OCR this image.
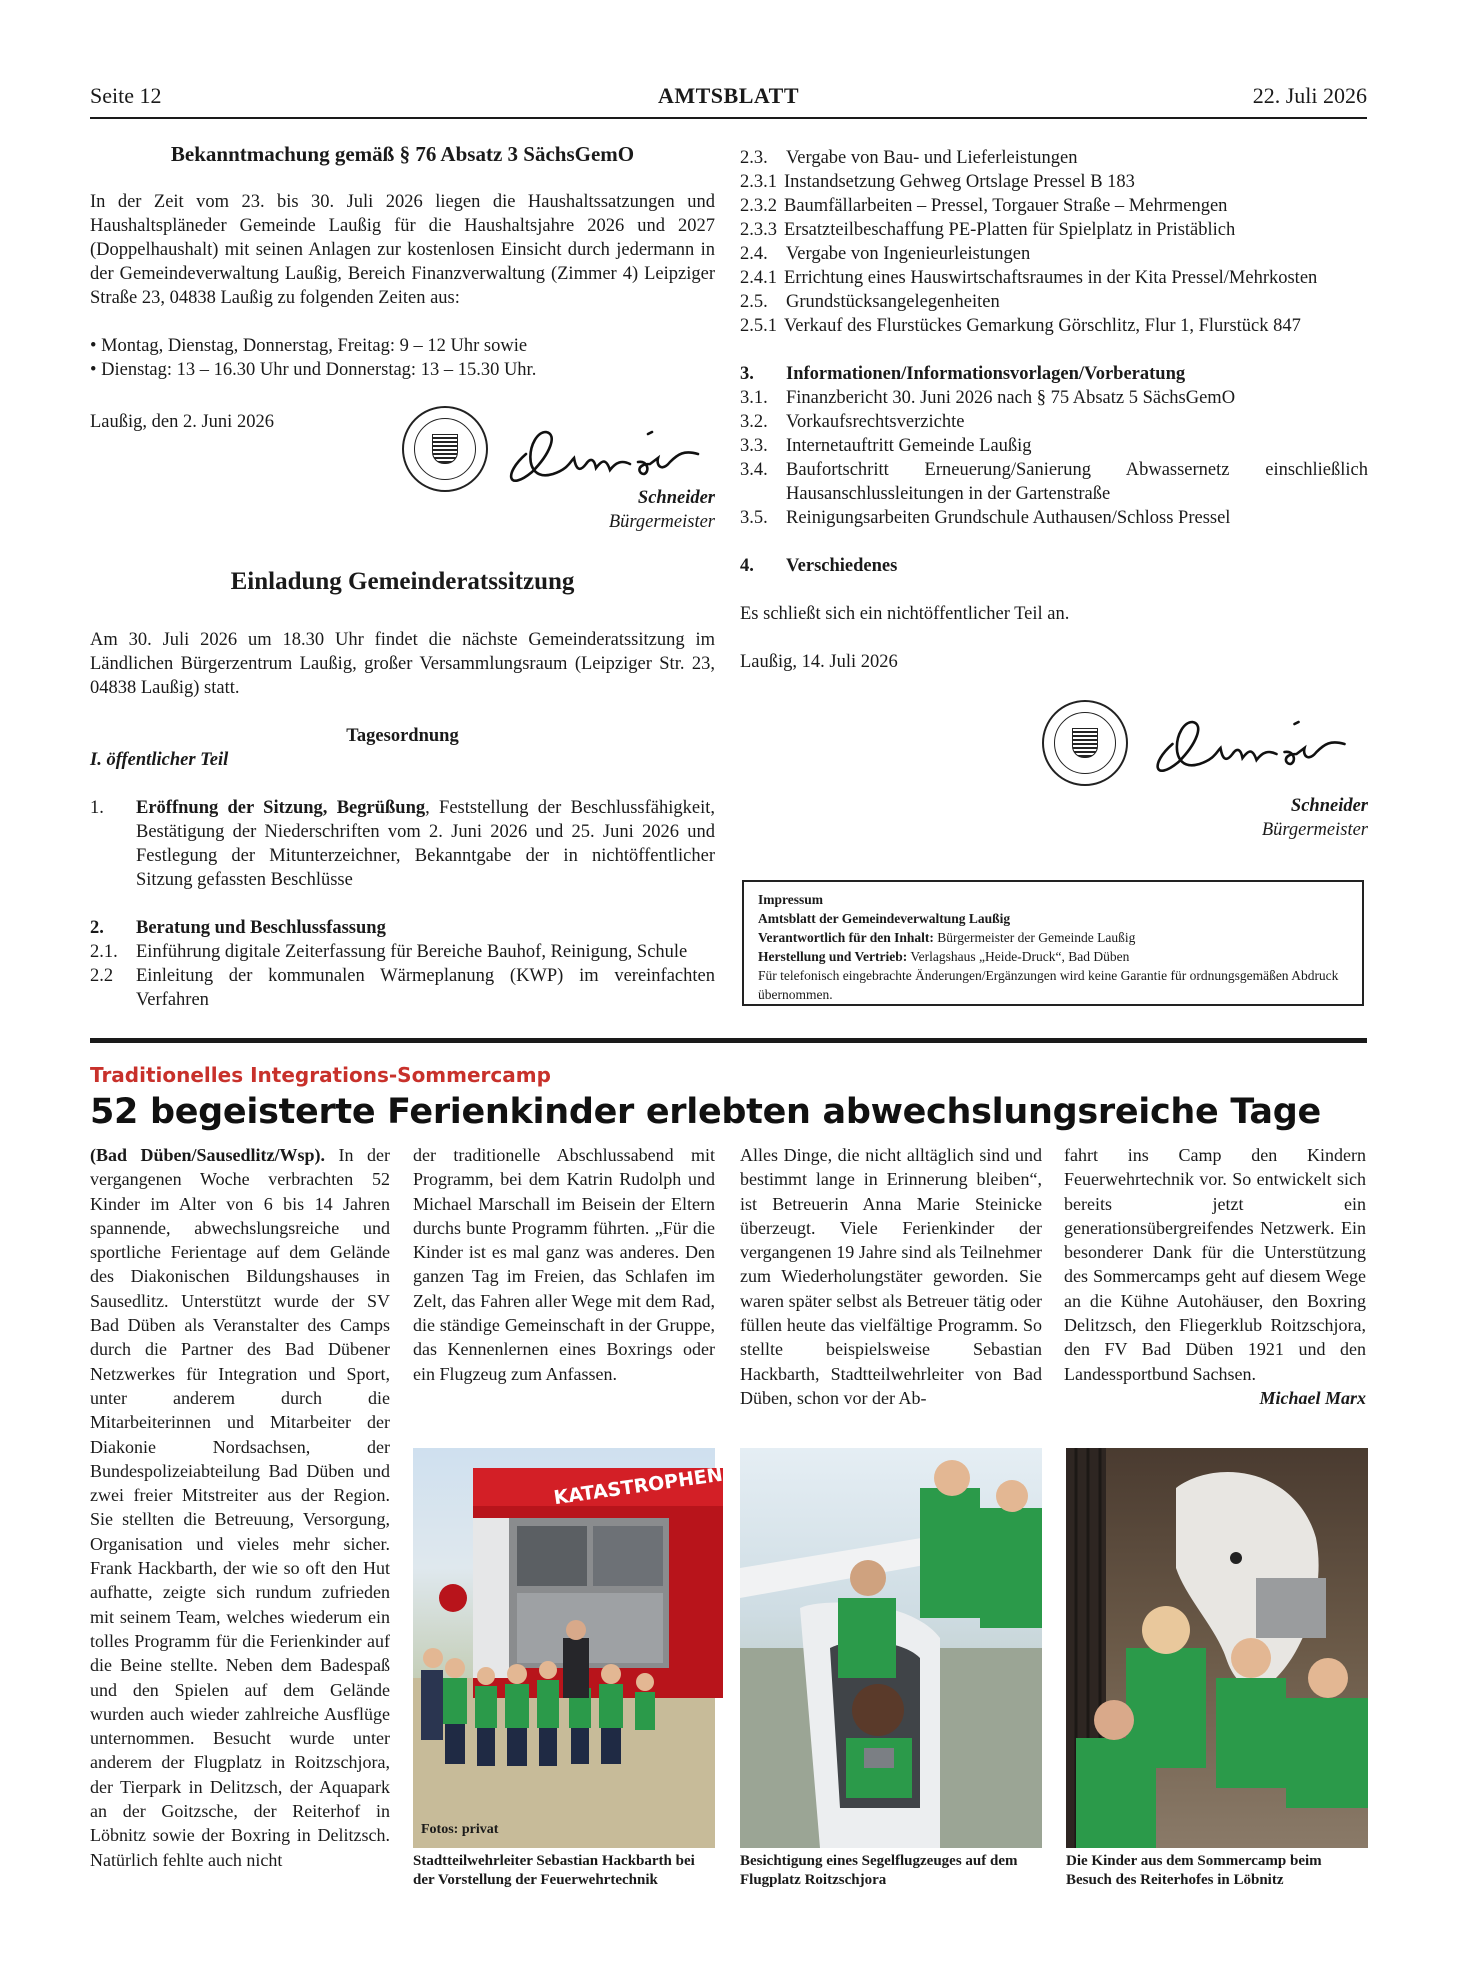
Seite 12	AMTSBLATT	22. Juli 2026

Bekanntmachung gemäß § 76 Absatz 3 SächsGemO

In der Zeit vom 23. bis 30. Juli 2026 liegen die Haushaltssatzungen und Haushaltspläneder Gemeinde Laußig für die Haushaltsjahre 2026 und 2027 (Doppelhaushalt) mit seinen Anlagen zur kostenlosen Einsicht durch jedermann in der Gemeindeverwaltung Laußig, Bereich Finanzverwaltung (Zimmer 4) Leipziger Straße 23, 04838 Laußig zu folgenden Zeiten aus:

• Montag, Dienstag, Donnerstag, Freitag: 9 – 12 Uhr sowie

• Dienstag: 13 – 16.30 Uhr und Donnerstag: 13 – 15.30 Uhr.

Laußig, den 2. Juni 2026

Schneider

Bürgermeister

Einladung Gemeinderatssitzung

Am 30. Juli 2026 um 18.30 Uhr findet die nächste Gemeinderatssitzung im Ländlichen Bürgerzentrum Laußig, großer Versammlungsraum (Leipziger Str. 23, 04838 Laußig) statt.

Tagesordnung

I. öffentlicher Teil

1.	Eröffnung der Sitzung, Begrüßung, Feststellung der Beschlussfähigkeit, Bestätigung der Niederschriften vom 2. Juni 2026 und 25. Juni 2026 und Festlegung der Mitunterzeichner, Bekanntgabe der in nichtöffentlicher Sitzung gefassten Beschlüsse
2.	Beratung und Beschlussfassung
2.1. Einführung digitale Zeiterfassung für Bereiche Bauhof, Reinigung, Schule
2.2	Einleitung der kommunalen Wärmeplanung (KWP) im vereinfachten Verfahren
2.3. Vergabe von Bau- und Lieferleistungen
2.3.1 Instandsetzung Gehweg Ortslage Pressel B 183
2.3.2 Baumfällarbeiten – Pressel, Torgauer Straße – Mehrmengen
2.3.3 Ersatzteilbeschaffung PE-Platten für Spielplatz in Pristäblich
2.4. Vergabe von Ingenieurleistungen
2.4.1 Errichtung eines Hauswirtschaftsraumes in der Kita Pressel/Mehrkosten
2.5. Grundstücksangelegenheiten
2.5.1 Verkauf des Flurstückes Gemarkung Görschlitz, Flur 1, Flurstück 847
3.	Informationen/Informationsvorlagen/Vorberatung
3.1. Finanzbericht 30. Juni 2026 nach § 75 Absatz 5 SächsGemO
3.2. Vorkaufsrechtsverzichte
3.3. Internetauftritt Gemeinde Laußig
3.4. Baufortschritt Erneuerung/Sanierung Abwassernetz einschließlich Hausanschlussleitungen in der Gartenstraße
3.5. Reinigungsarbeiten Grundschule Authausen/Schloss Pressel
4.	Verschiedenes

Es schließt sich ein nichtöffentlicher Teil an.

Laußig, 14. Juli 2026

Schneider

Bürgermeister

Impressum
Amtsblatt der Gemeindeverwaltung Laußig
Verantwortlich für den Inhalt: Bürgermeister der Gemeinde Laußig
Herstellung und Vertrieb: Verlagshaus „Heide-Druck“, Bad Düben
Für telefonisch eingebrachte Änderungen/Ergänzungen wird keine Garantie für ordnungsgemäßen Abdruck übernommen.
Traditionelles Integrations-Sommercamp
52 begeisterte Ferienkinder erlebten abwechslungsreiche Tage

(Bad Düben/Sausedlitz/Wsp). In der vergangenen Woche verbrachten 52 Kinder im Alter von 6 bis 14 Jahren spannende, abwechslungsreiche und sportliche Ferientage auf dem Gelände des Diakonischen Bildungshauses in Sausedlitz. Unterstützt wurde der SV Bad Düben als Veranstalter des Camps durch die Partner des Bad Dübener Netzwerkes für Integration und Sport, unter anderem durch die Mitarbeiterinnen und Mitarbeiter der Diakonie Nordsachsen, der Bundespolizeiabteilung Bad Düben und zwei freier Mitstreiter aus der Region. Sie stellten die Betreuung, Versorgung, Organisation und vieles mehr sicher. Frank Hackbarth, der wie so oft den Hut aufhatte, zeigte sich rundum zufrieden mit seinem Team, welches wiederum ein tolles Programm für die Ferienkinder auf die Beine stellte. Neben dem Badespaß und den Spielen auf dem Gelände wurden auch wieder zahlreiche Ausflüge unternommen. Besucht wurde unter anderem der Flugplatz in Roitzschjora, der Tierpark in Delitzsch, der Aquapark an der Goitzsche, der Reiterhof in Löbnitz sowie der Boxring in Delitzsch. Natürlich fehlte auch nicht

der traditionelle Abschlussabend mit Programm, bei dem Katrin Rudolph und Michael Marschall im Beisein der Eltern durchs bunte Programm führten. „Für die Kinder ist es mal ganz was anderes. Den ganzen Tag im Freien, das Schlafen im Zelt, das Fahren aller Wege mit dem Rad, die ständige Gemeinschaft in der Gruppe, das Kennenlernen eines Boxrings oder ein Flugzeug zum Anfassen.

Alles Dinge, die nicht alltäglich sind und bestimmt lange in Erinnerung bleiben“, ist Betreuerin Anna Marie Steinicke überzeugt. Viele Ferienkinder der vergangenen 19 Jahre sind als Teilnehmer zum Wiederholungstäter geworden. Sie waren später selbst als Betreuer tätig oder füllen heute das vielfältige Programm. So stellte beispielsweise Sebastian Hackbarth, Stadtteilwehrleiter von Bad Düben, schon vor der Ab-

fahrt ins Camp den Kindern Feuerwehrtechnik vor. So entwickelt sich bereits jetzt ein generationsübergreifendes Netzwerk. Ein besonderer Dank für die Unterstützung des Sommercamps geht auf diesem Wege an die Kühne Autohäuser, den Boxring Delitzsch, den Fliegerklub Roitzschjora, den FV Bad Düben 1921 und den Landessportbund Sachsen.

Michael Marx

KATASTROPHENS
Fotos: privat
Stadtteilwehrleiter Sebastian Hackbarth bei der Vorstellung der Feuerwehrtechnik
Besichtigung eines Segelflugzeuges auf dem Flugplatz Roitzschjora
Die Kinder aus dem Sommercamp beim Besuch des Reiterhofes in Löbnitz
